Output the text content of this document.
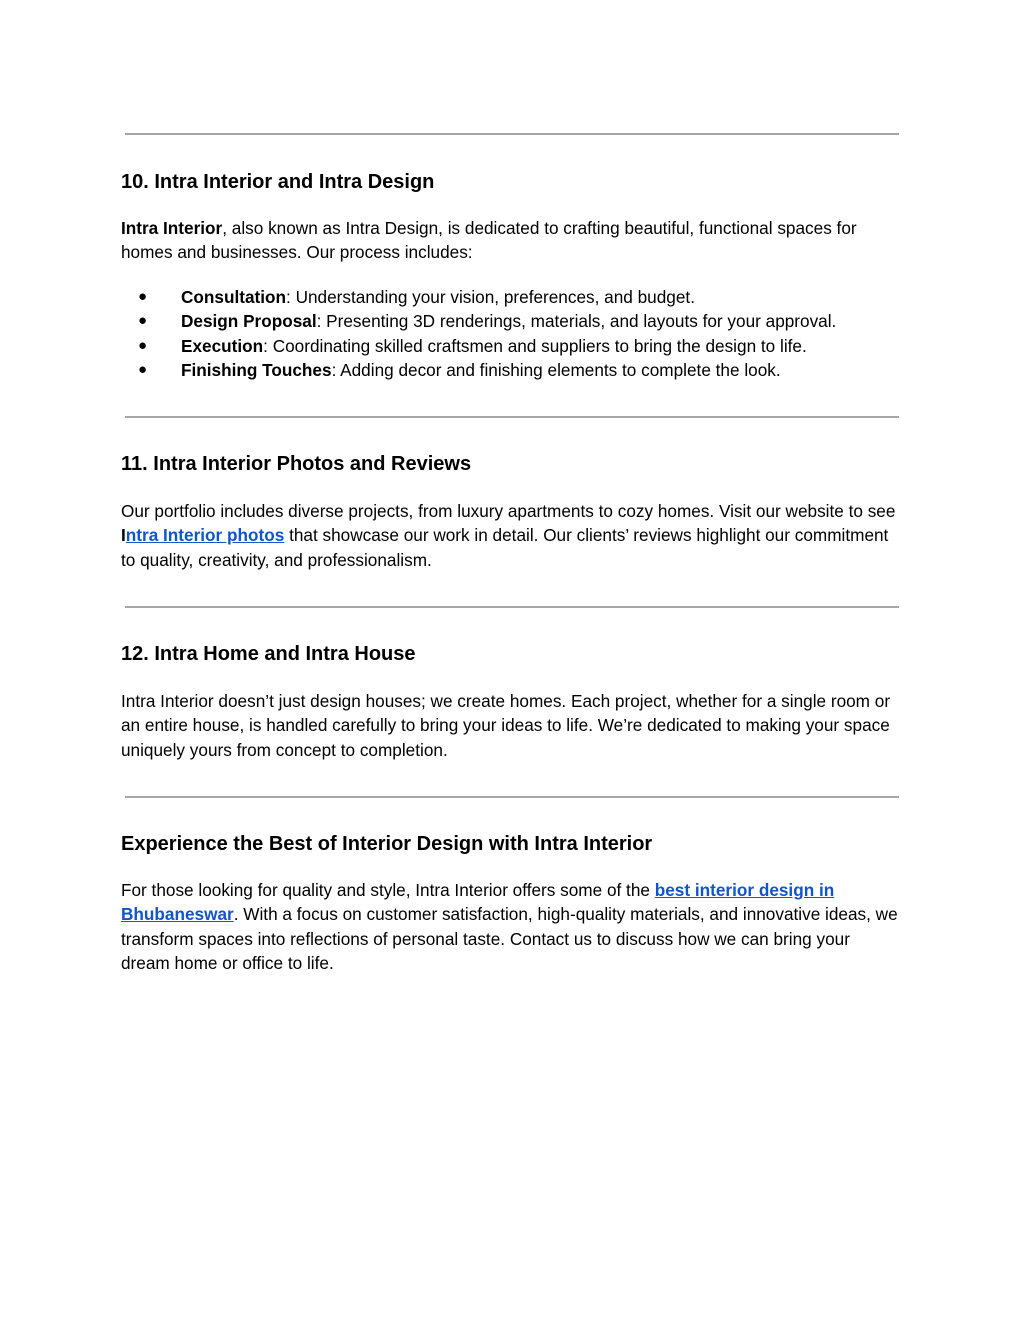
10. Intra Interior and Intra Design

Intra Interior, also known as Intra Design, is dedicated to crafting beautiful, functional spaces for homes and businesses. Our process includes:

● Consultation: Understanding your vision, preferences, and budget.
● Design Proposal: Presenting 3D renderings, materials, and layouts for your approval.
● Execution: Coordinating skilled craftsmen and suppliers to bring the design to life.
● Finishing Touches: Adding decor and finishing elements to complete the look.
11. Intra Interior Photos and Reviews

Our portfolio includes diverse projects, from luxury apartments to cozy homes. Visit our website to see Intra Interior photos that showcase our work in detail. Our clients’ reviews highlight our commitment to quality, creativity, and professionalism.

12. Intra Home and Intra House

Intra Interior doesn’t just design houses; we create homes. Each project, whether for a single room or an entire house, is handled carefully to bring your ideas to life. We’re dedicated to making your space uniquely yours from concept to completion.

Experience the Best of Interior Design with Intra Interior

For those looking for quality and style, Intra Interior offers some of the best interior design in Bhubaneswar. With a focus on customer satisfaction, high-quality materials, and innovative ideas, we transform spaces into reflections of personal taste. Contact us to discuss how we can bring your dream home or office to life.
